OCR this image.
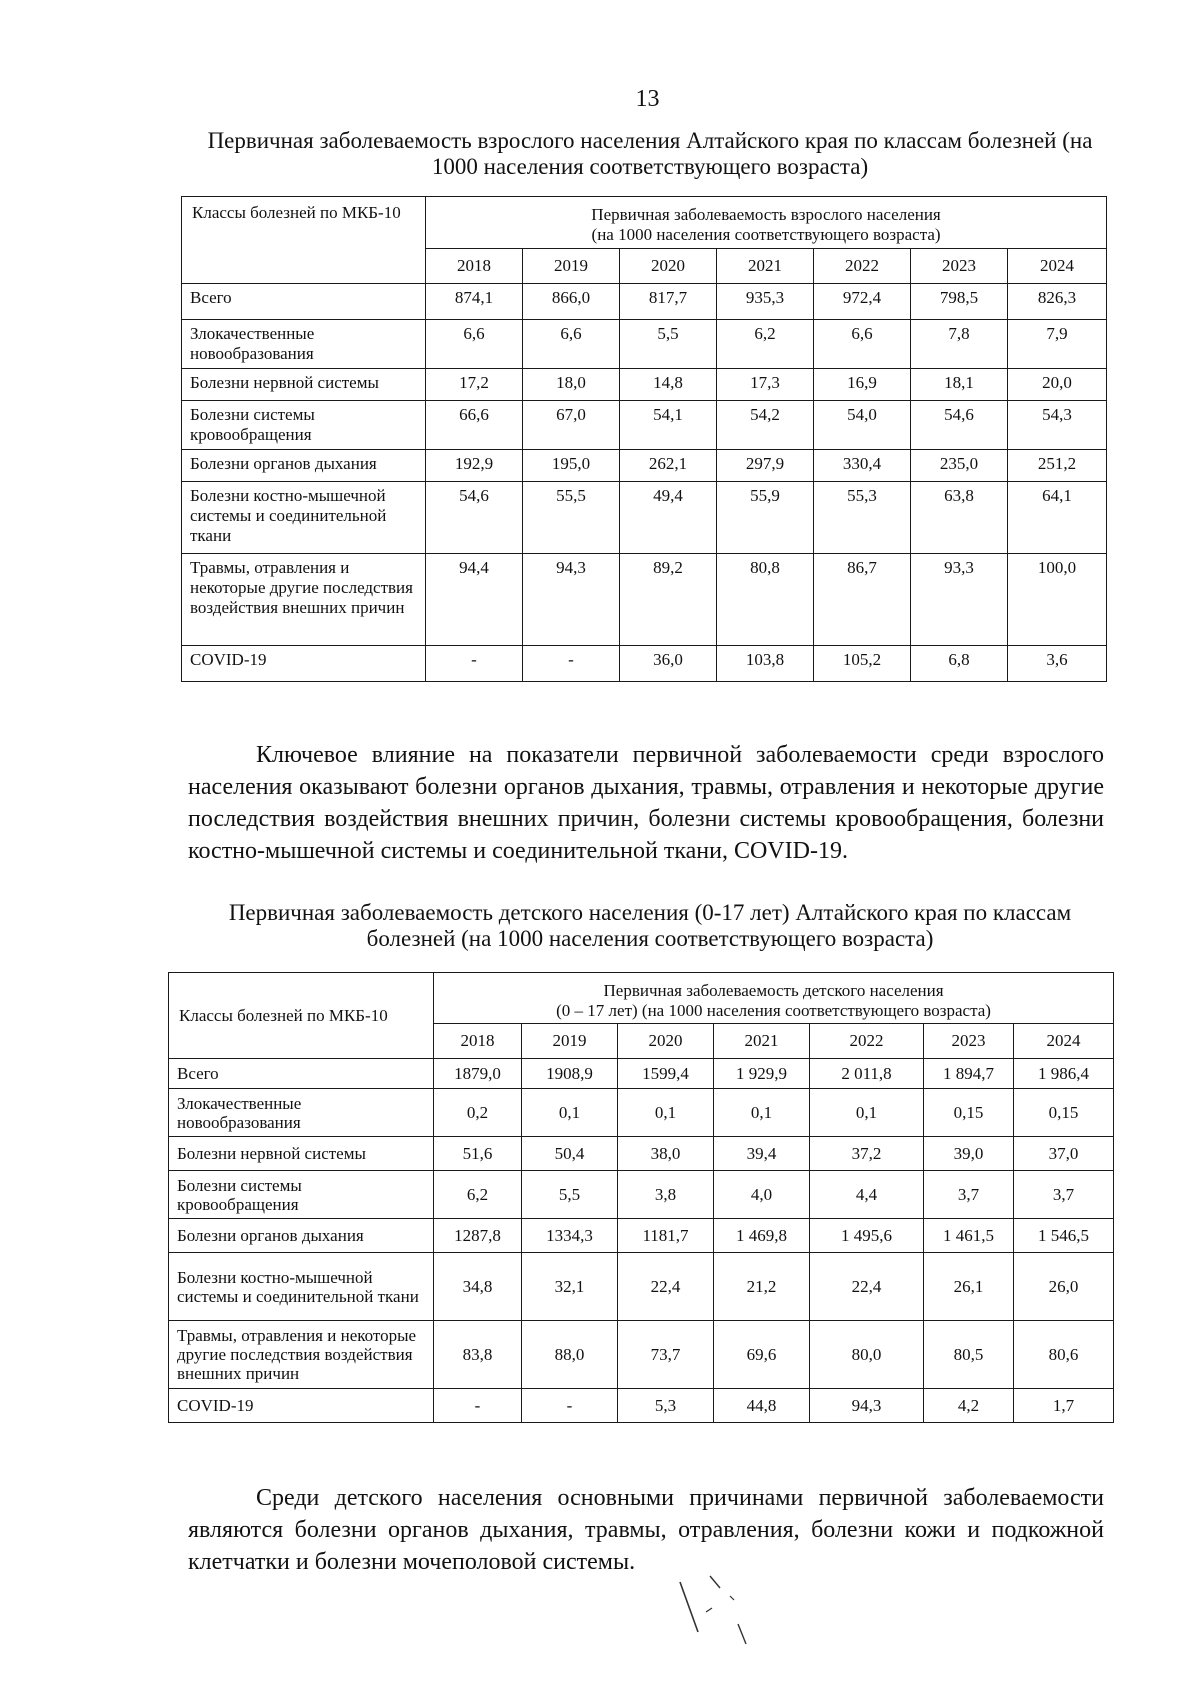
13
Первичная заболеваемость взрослого населения Алтайского края по классам болезней (на 1000 населения соответствующего возраста)
Классы болезней по МКБ-10	Первичная заболеваемость взрослого населения
(на 1000 населения соответствующего возраста)						

	2018	2019	2020	2021	2022	2023	2024
Всего	874,1	866,0	817,7	935,3	972,4	798,5	826,3
Злокачественные новообразования	6,6	6,6	5,5	6,2	6,6	7,8	7,9
Болезни нервной системы	17,2	18,0	14,8	17,3	16,9	18,1	20,0
Болезни системы кровообращения	66,6	67,0	54,1	54,2	54,0	54,6	54,3
Болезни органов дыхания	192,9	195,0	262,1	297,9	330,4	235,0	251,2
Болезни костно-мышечной системы и соединительной ткани	54,6	55,5	49,4	55,9	55,3	63,8	64,1
Травмы, отравления и некоторые другие последствия воздействия внешних причин	94,4	94,3	89,2	80,8	86,7	93,3	100,0
COVID-19	-	-	36,0	103,8	105,2	6,8	3,6

Ключевое влияние на показатели первичной заболеваемости среди взрослого населения оказывают болезни органов дыхания, травмы, отравления и некоторые другие последствия воздействия внешних причин, болезни системы кровообращения, болезни костно-мышечной системы и соединительной ткани, COVID-19.

Первичная заболеваемость детского населения (0-17 лет) Алтайского края по классам болезней (на 1000 населения соответствующего возраста)
Классы болезней по МКБ-10	Первичная заболеваемость детского населения
(0 – 17 лет) (на 1000 населения соответствующего возраста)						

	2018	2019	2020	2021	2022	2023	2024
Всего	1879,0	1908,9	1599,4	1 929,9	2 011,8	1 894,7	1 986,4
Злокачественные новообразования	0,2	0,1	0,1	0,1	0,1	0,15	0,15
Болезни нервной системы	51,6	50,4	38,0	39,4	37,2	39,0	37,0
Болезни системы кровообращения	6,2	5,5	3,8	4,0	4,4	3,7	3,7
Болезни органов дыхания	1287,8	1334,3	1181,7	1 469,8	1 495,6	1 461,5	1 546,5
Болезни костно-мышечной системы и соединительной ткани	34,8	32,1	22,4	21,2	22,4	26,1	26,0
Травмы, отравления и некоторые другие последствия воздействия внешних причин	83,8	88,0	73,7	69,6	80,0	80,5	80,6
COVID-19	-	-	5,3	44,8	94,3	4,2	1,7

Среди детского населения основными причинами первичной заболеваемости являются болезни органов дыхания, травмы, отравления, болезни кожи и подкожной клетчатки и болезни мочеполовой системы.
